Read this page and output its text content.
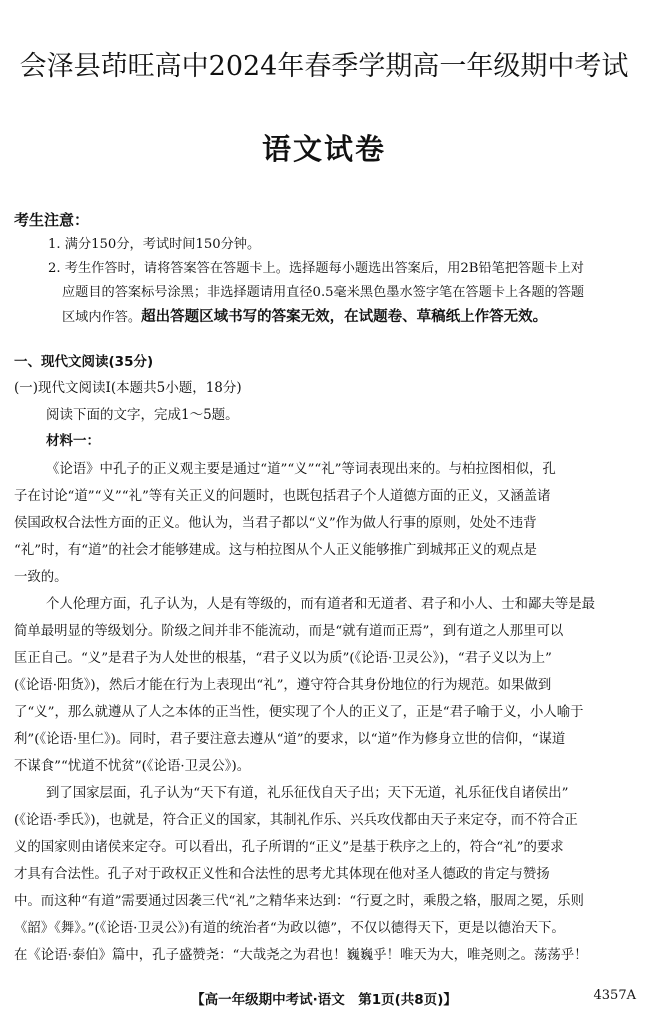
会泽县茚旺高中2024年春季学期高一年级期中考试
语文试卷
考生注意：
1. 满分150分，考试时间150分钟。
2. 考生作答时，请将答案答在答题卡上。选择题每小题选出答案后，用2B铅笔把答题卡上对
应题目的答案标号涂黑；非选择题请用直径0.5毫米黑色墨水签字笔在答题卡上各题的答题
区域内作答。超出答题区域书写的答案无效，在试题卷、草稿纸上作答无效。
一、现代文阅读(35分)
(一)现代文阅读Ⅰ(本题共5小题，18分)
阅读下面的文字，完成1～5题。
材料一：
《论语》中孔子的正义观主要是通过“道”“义”“礼”等词表现出来的。与柏拉图相似，孔
子在讨论“道”“义”“礼”等有关正义的问题时，也既包括君子个人道德方面的正义，又涵盖诸
侯国政权合法性方面的正义。他认为，当君子都以“义”作为做人行事的原则，处处不违背
“礼”时，有“道”的社会才能够建成。这与柏拉图从个人正义能够推广到城邦正义的观点是
一致的。
个人伦理方面，孔子认为，人是有等级的，而有道者和无道者、君子和小人、士和鄙夫等是最
简单最明显的等级划分。阶级之间并非不能流动，而是“就有道而正焉”，到有道之人那里可以
匡正自己。“义”是君子为人处世的根基，“君子义以为质”(《论语·卫灵公》)，“君子义以为上”
(《论语·阳货》)，然后才能在行为上表现出“礼”，遵守符合其身份地位的行为规范。如果做到
了“义”，那么就遵从了人之本体的正当性，便实现了个人的正义了，正是“君子喻于义，小人喻于
利”(《论语·里仁》)。同时，君子要注意去遵从“道”的要求，以“道”作为修身立世的信仰，“谋道
不谋食”“忧道不忧贫”(《论语·卫灵公》)。
到了国家层面，孔子认为“天下有道，礼乐征伐自天子出；天下无道，礼乐征伐自诸侯出”
(《论语·季氏》)，也就是，符合正义的国家，其制礼作乐、兴兵攻伐都由天子来定夺，而不符合正
义的国家则由诸侯来定夺。可以看出，孔子所谓的“正义”是基于秩序之上的，符合“礼”的要求
才具有合法性。孔子对于政权正义性和合法性的思考尤其体现在他对圣人德政的肯定与赞扬
中。而这种“有道”需要通过因袭三代“礼”之精华来达到：“行夏之时，乘殷之辂，服周之冕，乐则
《韶》《舞》。”(《论语·卫灵公》)有道的统治者“为政以德”，不仅以德得天下，更是以德治天下。
在《论语·泰伯》篇中，孔子盛赞尧：“大哉尧之为君也！巍巍乎！唯天为大，唯尧则之。荡荡乎！
【高一年级期中考试·语文　第1页(共8页)】	4357A
